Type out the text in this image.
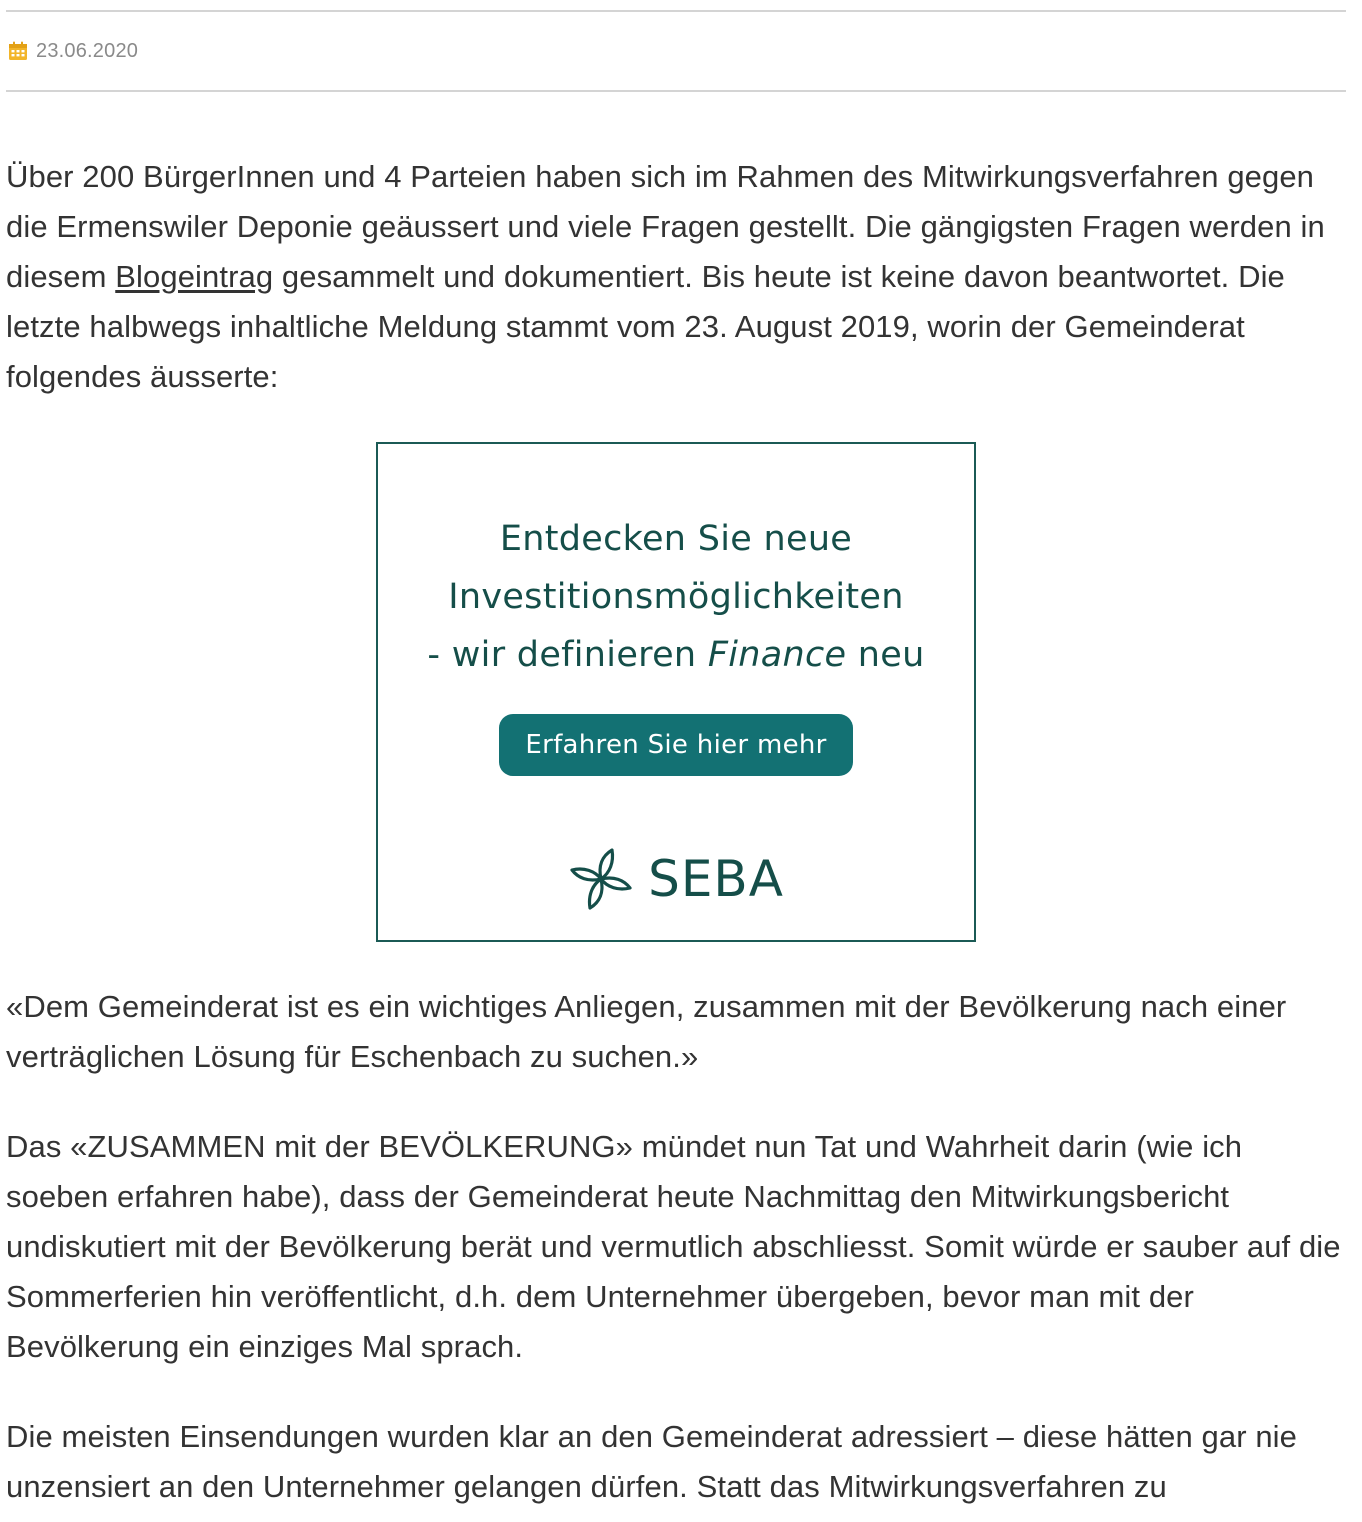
23.06.2020

Über 200 BürgerInnen und 4 Parteien haben sich im Rahmen des Mitwirkungsverfahren gegen die Ermenswiler Deponie geäussert und viele Fragen gestellt. Die gängigsten Fragen werden in diesem Blogeintrag gesammelt und dokumentiert. Bis heute ist keine davon beantwortet. Die letzte halbwegs inhaltliche Meldung stammt vom 23. August 2019, worin der Gemeinderat folgendes äusserte:

Entdecken Sie neue
Investitionsmöglichkeiten
- wir definieren Finance neu
Erfahren Sie hier mehr
SEBA

«Dem Gemeinderat ist es ein wichtiges Anliegen, zusammen mit der Bevölkerung nach einer verträglichen Lösung für Eschenbach zu suchen.»

Das «ZUSAMMEN mit der BEVÖLKERUNG» mündet nun Tat und Wahrheit darin (wie ich soeben erfahren habe), dass der Gemeinderat heute Nachmittag den Mitwirkungsbericht undiskutiert mit der Bevölkerung berät und vermutlich abschliesst. Somit würde er sauber auf die Sommerferien hin veröffentlicht, d.h. dem Unternehmer übergeben, bevor man mit der Bevölkerung ein einziges Mal sprach.

Die meisten Einsendungen wurden klar an den Gemeinderat adressiert – diese hätten gar nie unzensiert an den Unternehmer gelangen dürfen. Statt das Mitwirkungsverfahren zu
